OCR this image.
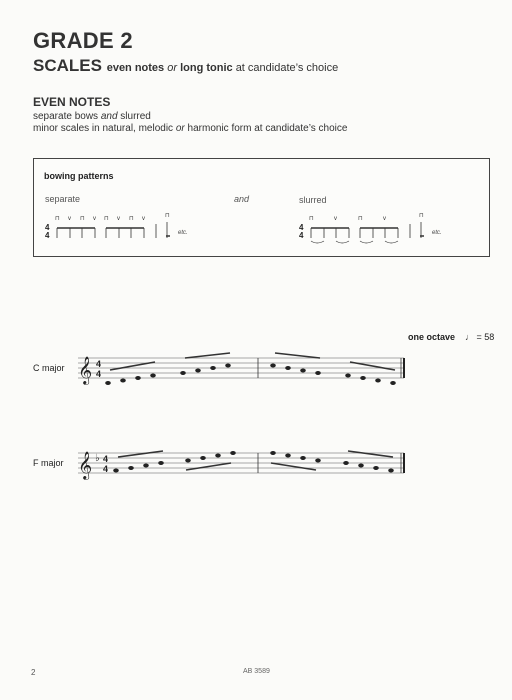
GRADE 2
SCALES even notes or long tonic at candidate’s choice
EVEN NOTES
separate bows and slurred
minor scales in natural, melodic or harmonic form at candidate’s choice
bowing patterns
separate	and	slurred
4
4
⊓ v ⊓ v ⊓ v ⊓ v	⊓
etc.
4
4
⊓	v	⊓	v	⊓
etc.
one octave ♩ = 58
C major 𝄞 4
4
F major 𝄞 ♭ 4
4
2	AB 3589
